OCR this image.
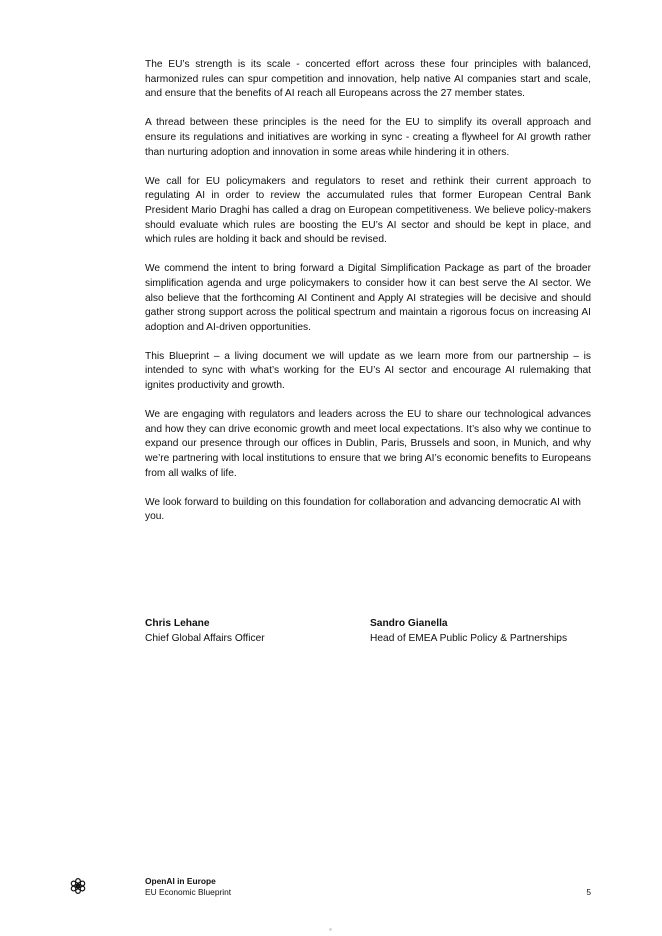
The EU’s strength is its scale - concerted effort across these four principles with balanced, harmonized rules can spur competition and innovation, help native AI companies start and scale, and ensure that the benefits of AI reach all Europeans across the 27 member states.

A thread between these principles is the need for the EU to simplify its overall approach and ensure its regulations and initiatives are working in sync - creating a flywheel for AI growth rather than nurturing adoption and innovation in some areas while hindering it in others.

We call for EU policymakers and regulators to reset and rethink their current approach to regulating AI in order to review the accumulated rules that former European Central Bank President Mario Draghi has called a drag on European competitiveness. We believe policy-makers should evaluate which rules are boosting the EU’s AI sector and should be kept in place, and which rules are holding it back and should be revised.

We commend the intent to bring forward a Digital Simplification Package as part of the broader simplification agenda and urge policymakers to consider how it can best serve the AI sector. We also believe that the forthcoming AI Continent and Apply AI strategies will be decisive and should gather strong support across the political spectrum and maintain a rigorous focus on increasing AI adoption and AI-driven opportunities.

This Blueprint – a living document we will update as we learn more from our partnership – is intended to sync with what’s working for the EU’s AI sector and encourage AI rulemaking that ignites productivity and growth.

We are engaging with regulators and leaders across the EU to share our technological advances and how they can drive economic growth and meet local expectations. It’s also why we continue to expand our presence through our offices in Dublin, Paris, Brussels and soon, in Munich, and why we’re partnering with local institutions to ensure that we bring AI’s economic benefits to Europeans from all walks of life.

We look forward to building on this foundation for collaboration and advancing democratic AI with you.

Chris Lehane
Chief Global Affairs Officer
Sandro Gianella
Head of EMEA Public Policy & Partnerships
OpenAI in Europe
EU Economic Blueprint	5
